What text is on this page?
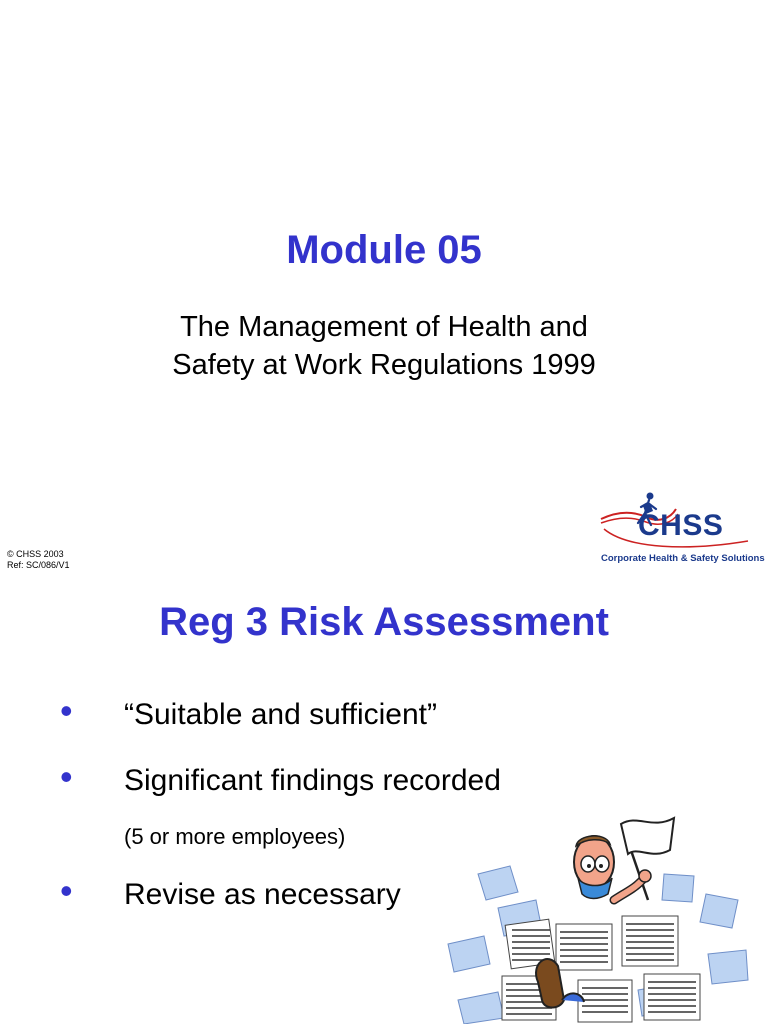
Module 05
The Management of Health and
Safety at Work Regulations 1999
© CHSS 2003
Ref: SC/086/V1
CHSS
Corporate Health & Safety Solutions
Reg 3 Risk Assessment
• “Suitable and sufficient”
• Significant findings recorded
(5 or more employees)
• Revise as necessary
